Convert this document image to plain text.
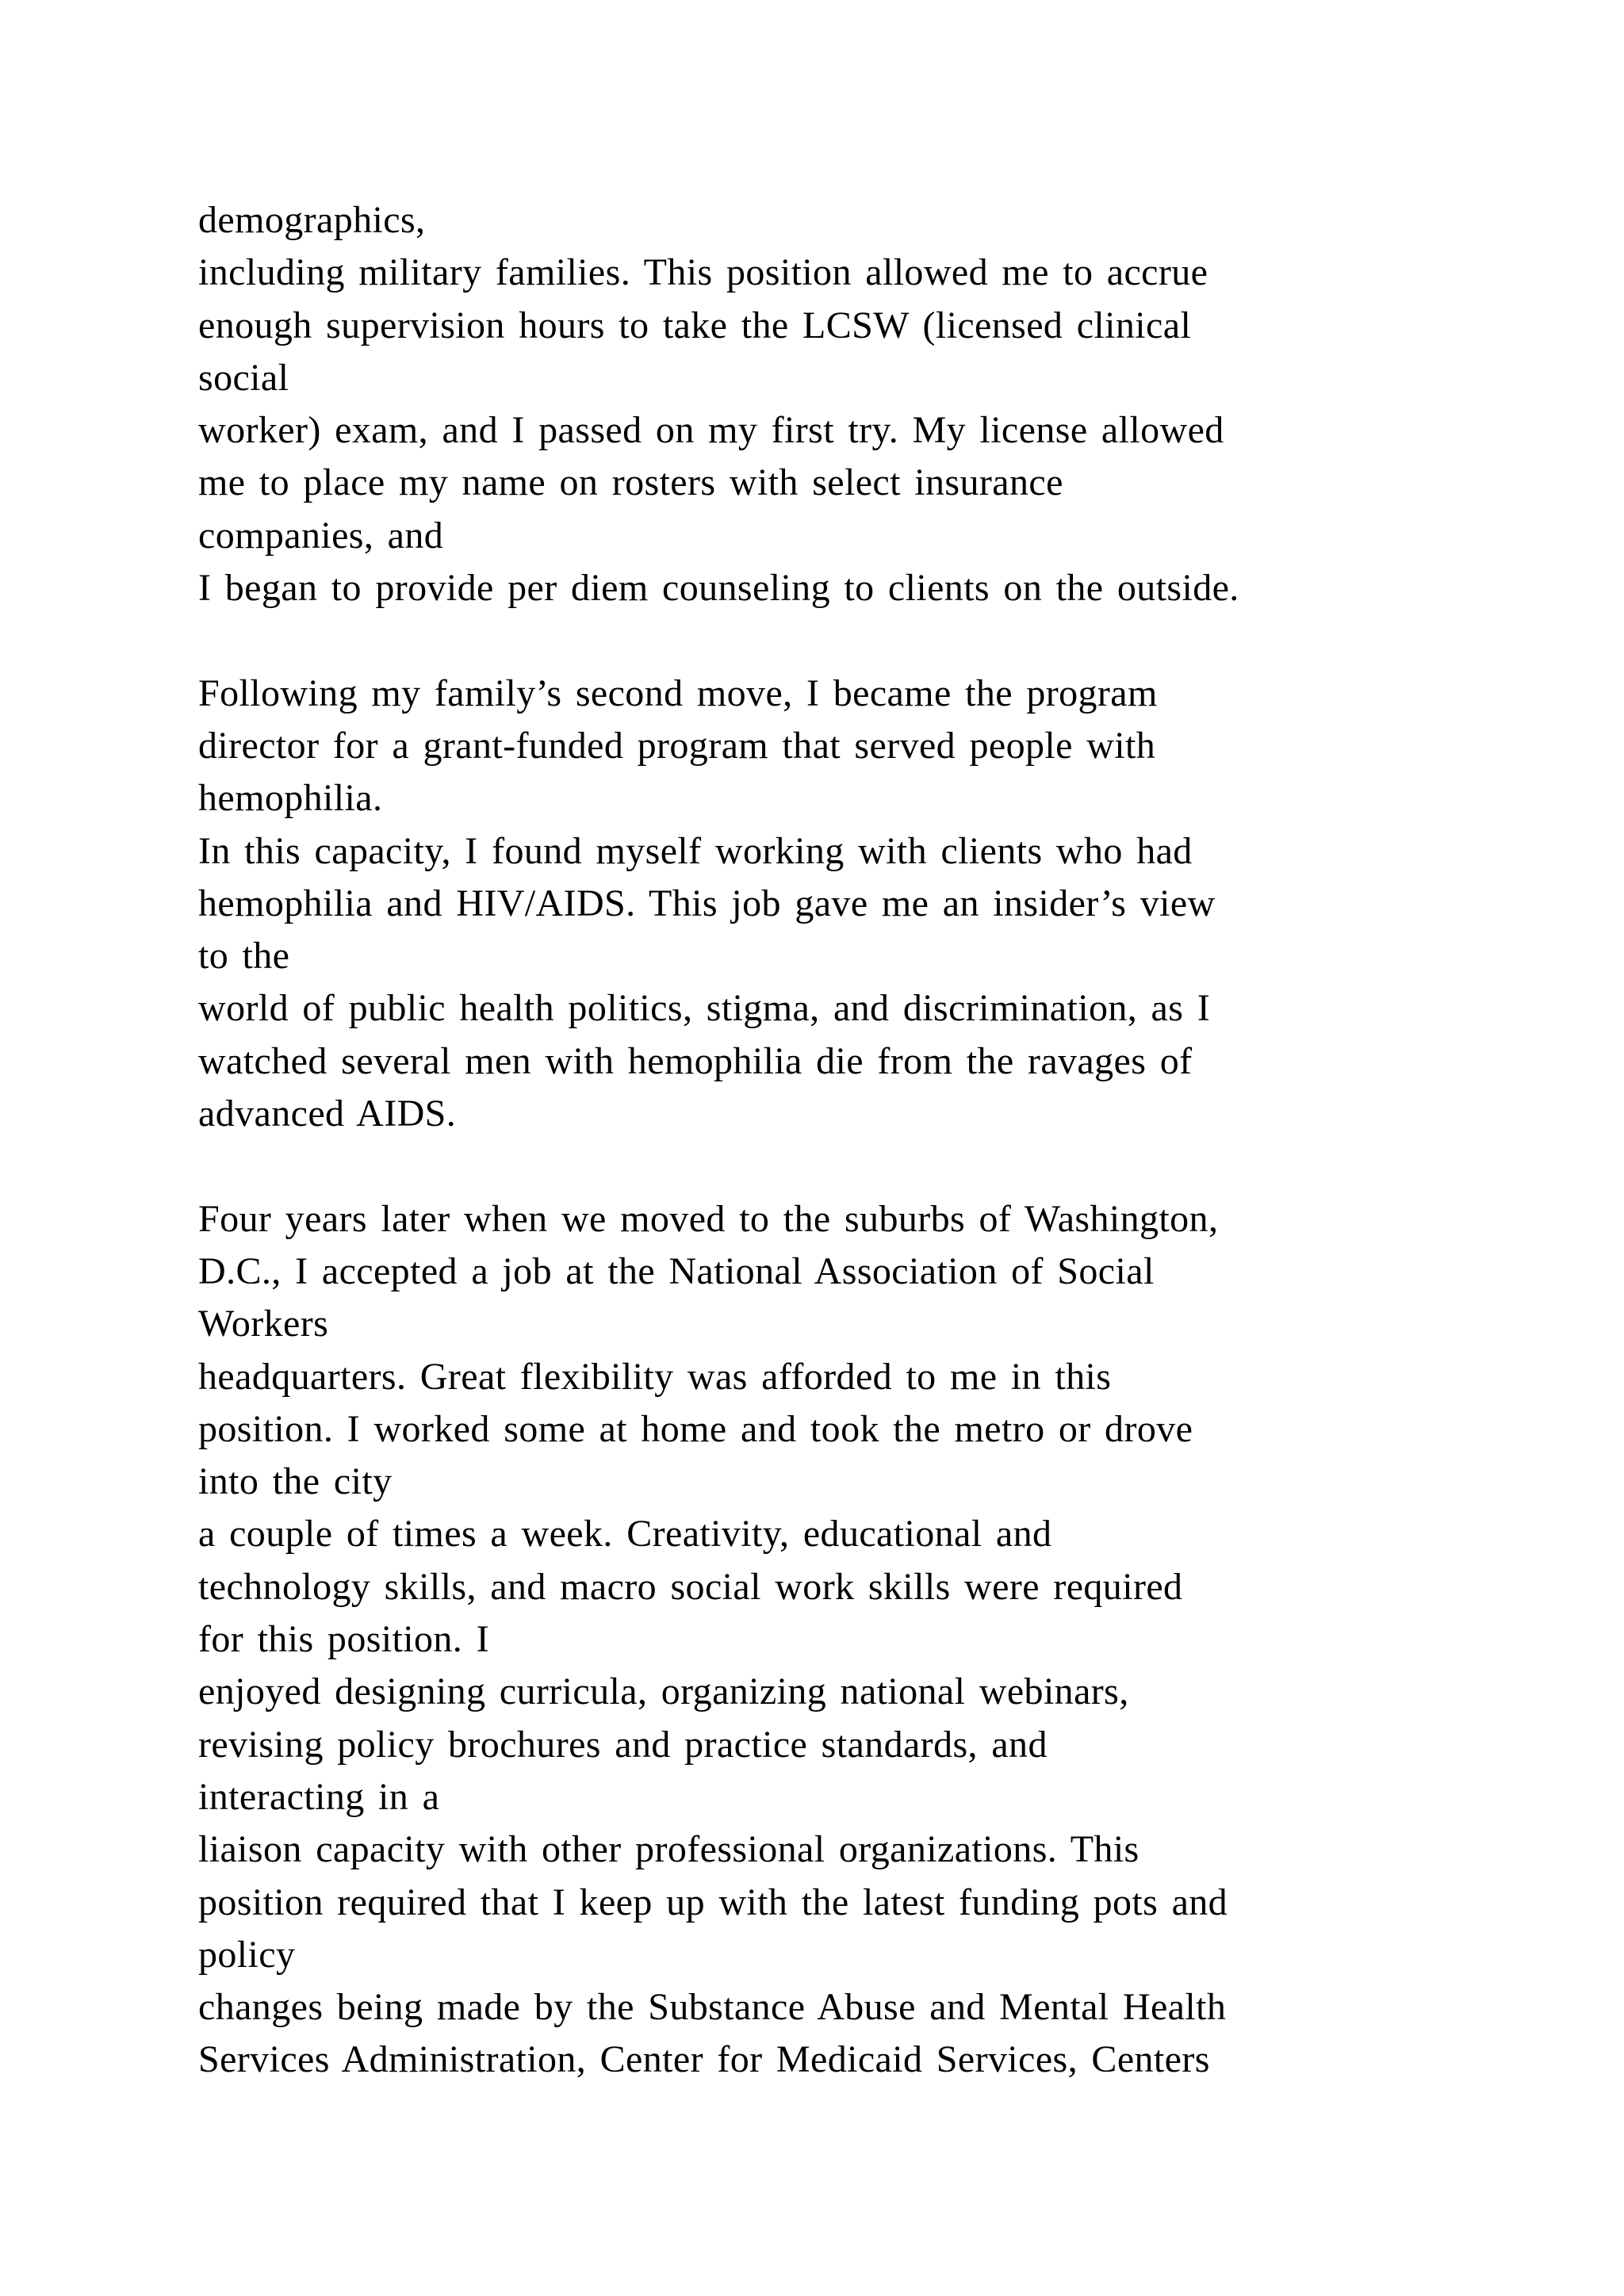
demographics,
including military families. This position allowed me to accrue
enough supervision hours to take the LCSW (licensed clinical
social
worker) exam, and I passed on my first try. My license allowed
me to place my name on rosters with select insurance
companies, and
I began to provide per diem counseling to clients on the outside.
Following my family’s second move, I became the program
director for a grant-funded program that served people with
hemophilia.
In this capacity, I found myself working with clients who had
hemophilia and HIV/AIDS. This job gave me an insider’s view
to the
world of public health politics, stigma, and discrimination, as I
watched several men with hemophilia die from the ravages of
advanced AIDS.
Four years later when we moved to the suburbs of Washington,
D.C., I accepted a job at the National Association of Social
Workers
headquarters. Great flexibility was afforded to me in this
position. I worked some at home and took the metro or drove
into the city
a couple of times a week. Creativity, educational and
technology skills, and macro social work skills were required
for this position. I
enjoyed designing curricula, organizing national webinars,
revising policy brochures and practice standards, and
interacting in a
liaison capacity with other professional organizations. This
position required that I keep up with the latest funding pots and
policy
changes being made by the Substance Abuse and Mental Health
Services Administration, Center for Medicaid Services, Centers
